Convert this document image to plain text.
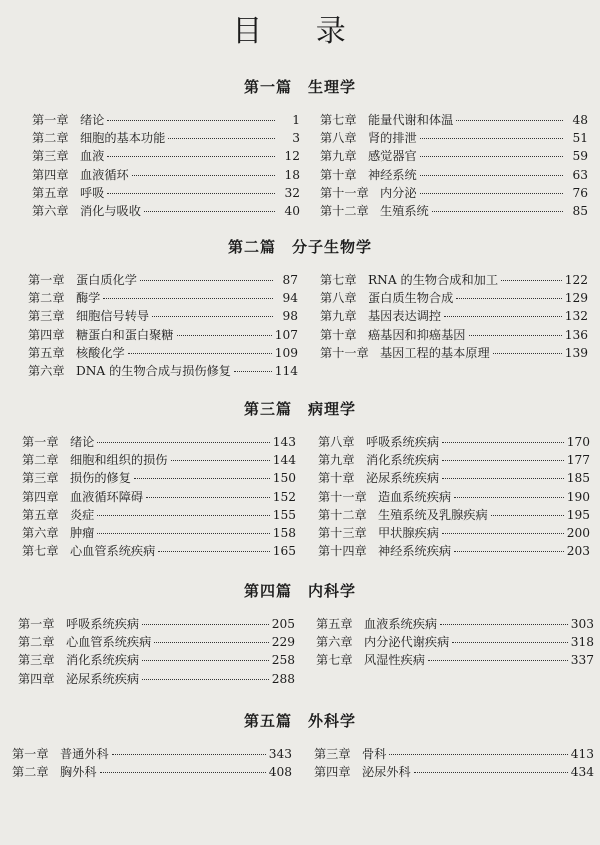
目 录
第一篇　生理学
第一章 绪论	1
第二章 细胞的基本功能	3
第三章 血液	12
第四章 血液循环	18
第五章 呼吸	32
第六章 消化与吸收	40
第七章 能量代谢和体温	48
第八章 肾的排泄	51
第九章 感觉器官	59
第十章 神经系统	63
第十一章 内分泌	76
第十二章 生殖系统	85
第二篇　分子生物学
第一章 蛋白质化学	87
第二章 酶学	94
第三章 细胞信号转导	98
第四章 糖蛋白和蛋白聚糖	107
第五章 核酸化学	109
第六章 DNA 的生物合成与损伤修复	114
第七章 RNA 的生物合成和加工	122
第八章 蛋白质生物合成	129
第九章 基因表达调控	132
第十章 癌基因和抑癌基因	136
第十一章 基因工程的基本原理	139
第三篇　病理学
第一章 绪论	143
第二章 细胞和组织的损伤	144
第三章 损伤的修复	150
第四章 血液循环障碍	152
第五章 炎症	155
第六章 肿瘤	158
第七章 心血管系统疾病	165
第八章 呼吸系统疾病	170
第九章 消化系统疾病	177
第十章 泌尿系统疾病	185
第十一章 造血系统疾病	190
第十二章 生殖系统及乳腺疾病	195
第十三章 甲状腺疾病	200
第十四章 神经系统疾病	203
第四篇　内科学
第一章 呼吸系统疾病	205
第二章 心血管系统疾病	229
第三章 消化系统疾病	258
第四章 泌尿系统疾病	288
第五章 血液系统疾病	303
第六章 内分泌代谢疾病	318
第七章 风湿性疾病	337
第五篇　外科学
第一章 普通外科	343
第二章 胸外科	408
第三章 骨科	413
第四章 泌尿外科	434
